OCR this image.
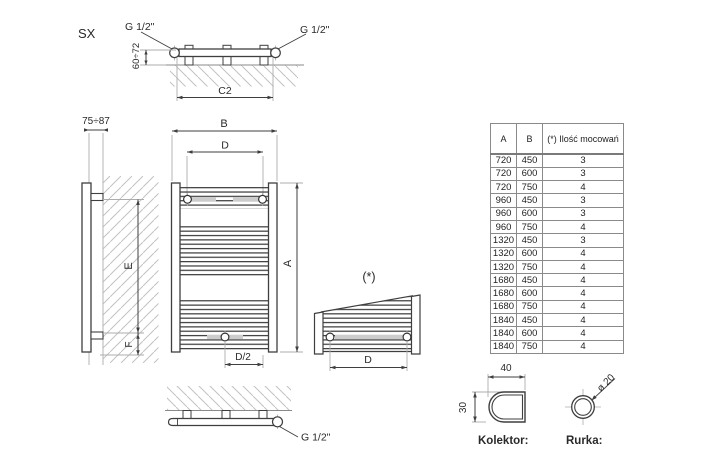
SX	G 1/2"	G 1/2"
60÷72
C2
75÷87
E
F
B
D
A
D/2
(*)
D
G 1/2"
40
30
Kolektor:
ø 20
Rurka:
A	B	(*) Ilość mocowań
720	450	3
720	600	3
720	750	4
960	450	3
960	600	3
960	750	4
1320	450	3
1320	600	4
1320	750	4
1680	450	4
1680	600	4
1680	750	4
1840	450	4
1840	600	4
1840	750	4
